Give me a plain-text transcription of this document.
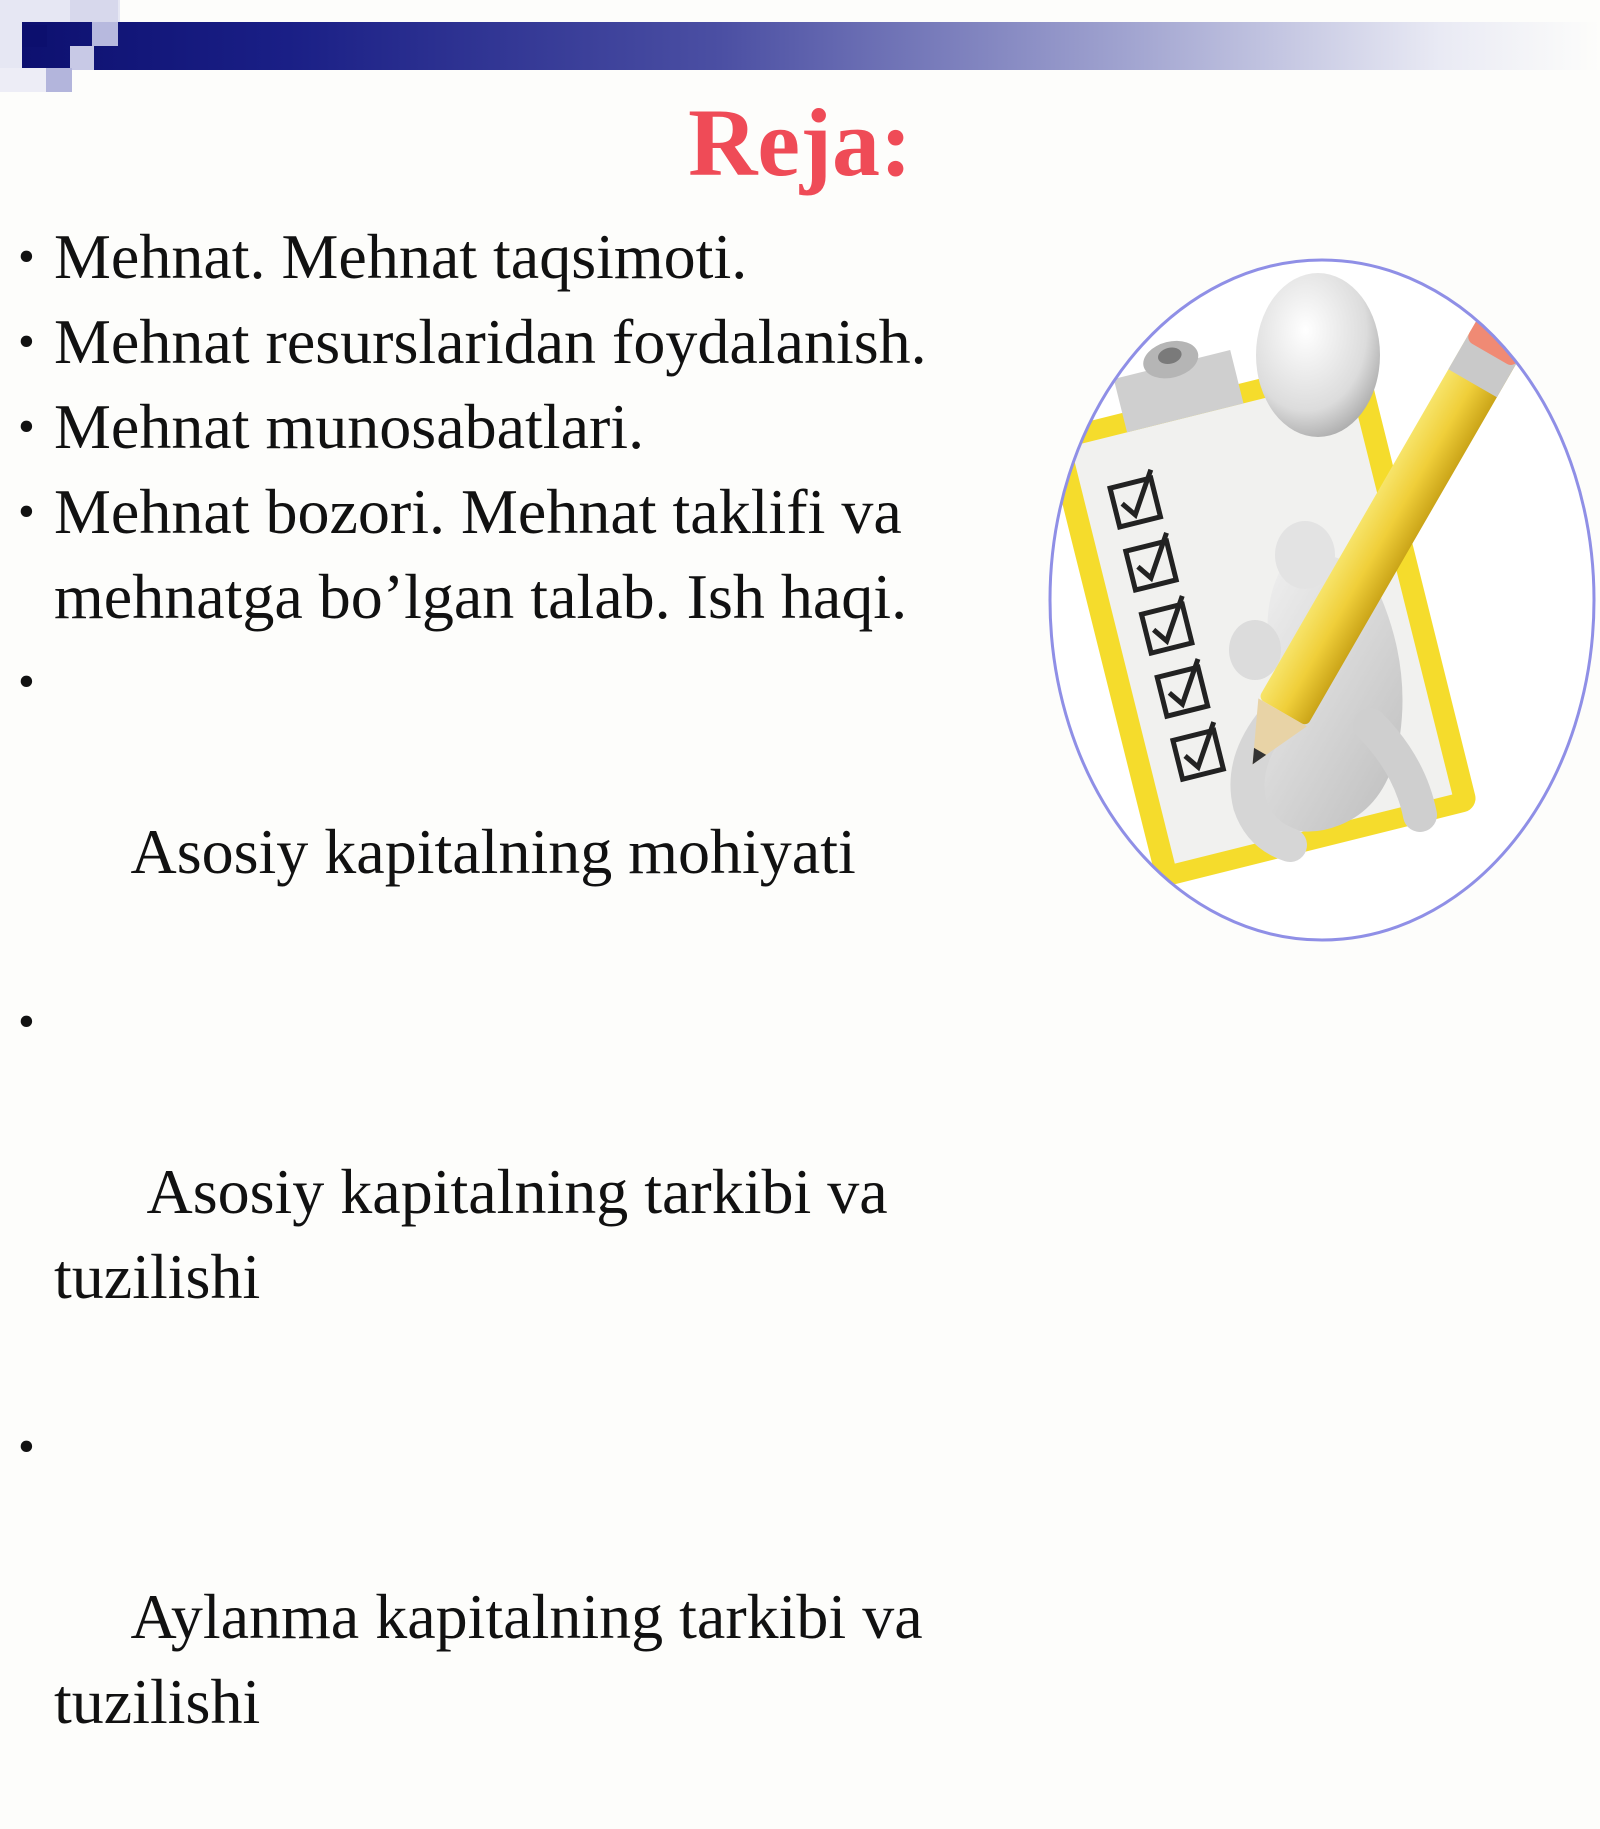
Reja:
• Mehnat. Mehnat taqsimoti.
• Mehnat resurslaridan foydalanish.
• Mehnat munosabatlari.
• Mehnat bozori. Mehnat taklifi va mehnatga bo’lgan talab. Ish haqi.

•

Asosiy kapitalning mohiyati

•

Asosiy kapitalning tarkibi va tuzilishi

•

Aylanma kapitalning tarkibi va tuzilishi
